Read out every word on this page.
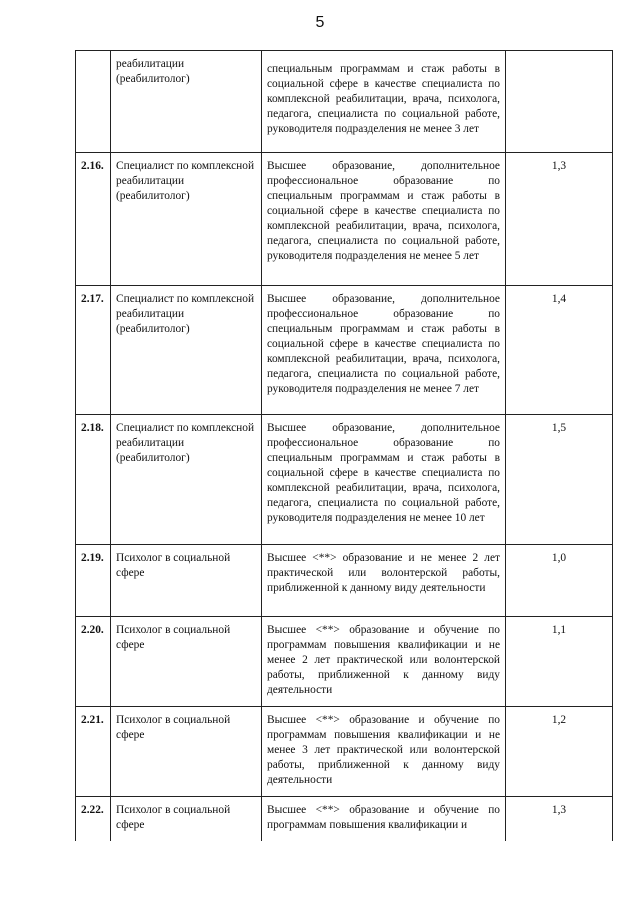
5
	реабилитации (реабилитолог)	специальным программам и стаж работы в социальной сфере в качестве специалиста по комплексной реабилитации, врача, психолога, педагога, специалиста по социальной работе, руководителя подразделения не менее 3 лет	
2.16.	Специалист по комплексной реабилитации (реабилитолог)	Высшее образование, дополнительное профессиональное образование по специальным программам и стаж работы в социальной сфере в качестве специалиста по комплексной реабилитации, врача, психолога, педагога, специалиста по социальной работе, руководителя подразделения не менее 5 лет	1,3
2.17.	Специалист по комплексной реабилитации (реабилитолог)	Высшее образование, дополнительное профессиональное образование по специальным программам и стаж работы в социальной сфере в качестве специалиста по комплексной реабилитации, врача, психолога, педагога, специалиста по социальной работе, руководителя подразделения не менее 7 лет	1,4
2.18.	Специалист по комплексной реабилитации (реабилитолог)	Высшее образование, дополнительное профессиональное образование по специальным программам и стаж работы в социальной сфере в качестве специалиста по комплексной реабилитации, врача, психолога, педагога, специалиста по социальной работе, руководителя подразделения не менее 10 лет	1,5
2.19.	Психолог в социальной сфере	Высшее <**> образование и не менее 2 лет практической или волонтерской работы, приближенной к данному виду деятельности	1,0
2.20.	Психолог в социальной сфере	Высшее <**> образование и обучение по программам повышения квалификации и не менее 2 лет практической или волонтерской работы, приближенной к данному виду деятельности	1,1
2.21.	Психолог в социальной сфере	Высшее <**> образование и обучение по программам повышения квалификации и не менее 3 лет практической или волонтерской работы, приближенной к данному виду деятельности	1,2
2.22.	Психолог в социальной сфере	Высшее <**> образование и обучение по программам повышения квалификации и	1,3
